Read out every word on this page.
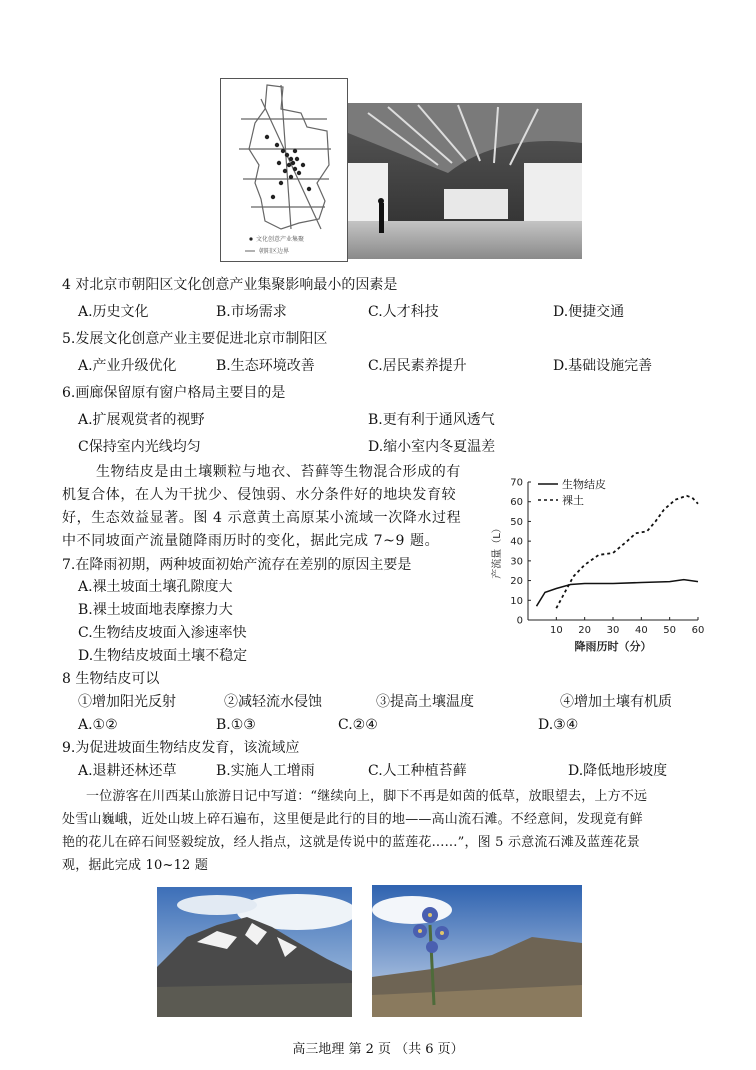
文化创意产业集聚
朝阳区边界
4 对北京市朝阳区文化创意产业集聚影响最小的因素是
A.历史文化	B.市场需求	C.人才科技	D.便捷交通
5.发展文化创意产业主要促进北京市制阳区
A.产业升级优化	B.生态环境改善	C.居民素养提升	D.基础设施完善
6.画廊保留原有窗户格局主要目的是
A.扩展观赏者的视野	B.更有利于通风透气
C保持室内光线均匀	D.缩小室内冬夏温差
生物结皮是由土壤颗粒与地衣、苔藓等生物混合形成的有
机复合体，在人为干扰少、侵蚀弱、水分条件好的地块发育较
好，生态效益显著。图 4 示意黄土高原某小流域一次降水过程
中不同坡面产流量随降雨历时的变化，据此完成 7~9 题。
10 20 30 40 50 60
0
10
20
30
40
50
60
70
降雨历时（分）
产流量（L）
生物结皮
裸土
7.在降雨初期，两种坡面初始产流存在差别的原因主要是
A.裸土坡面土壤孔隙度大
B.裸土坡面地表摩擦力大
C.生物结皮坡面入渗速率快
D.生物结皮坡面土壤不稳定
8 生物结皮可以
①增加阳光反射	②减轻流水侵蚀	③提高土壤温度	④增加土壤有机质
A.①②	B.①③	C.②④	D.③④
9.为促进坡面生物结皮发育，该流域应
A.退耕还林还草	B.实施人工增雨	C.人工种植苔藓	D.降低地形坡度
一位游客在川西某山旅游日记中写道：“继续向上，脚下不再是如茵的低草，放眼望去，上方不远
处雪山巍峨，近处山坡上碎石遍布，这里便是此行的目的地——高山流石滩。不经意间，发现竟有鲜
艳的花儿在碎石间竖毅绽放，经人指点，这就是传说中的蓝莲花......”，图 5 示意流石滩及蓝莲花景
观，据此完成 10~12 题
高三地理 第 2 页 （共 6 页）
